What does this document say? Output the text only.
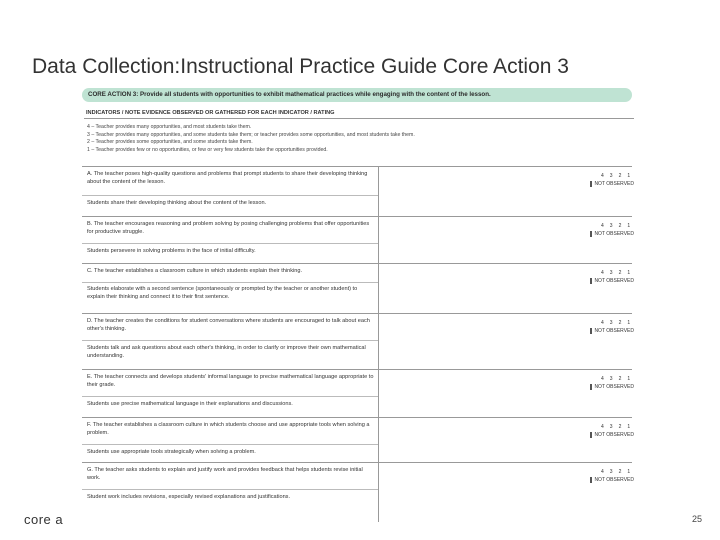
Data Collection:Instructional Practice Guide Core Action 3
CORE ACTION 3: Provide all students with opportunities to exhibit mathematical practices while engaging with the content of the lesson.
INDICATORS / NOTE EVIDENCE OBSERVED OR GATHERED FOR EACH INDICATOR / RATING
4 – Teacher provides many opportunities, and most students take them.
3 – Teacher provides many opportunities, and some students take them; or teacher provides some opportunities, and most students take them.
2 – Teacher provides some opportunities, and some students take them.
1 – Teacher provides few or no opportunities, or few or very few students take the opportunities provided.
A. The teacher poses high-quality questions and problems that prompt students to share their developing thinking about the content of the lesson.
Students share their developing thinking about the content of the lesson.
4 3 2 1
NOT OBSERVED
B. The teacher encourages reasoning and problem solving by posing challenging problems that offer opportunities for productive struggle.
Students persevere in solving problems in the face of initial difficulty.
4 3 2 1
NOT OBSERVED
C. The teacher establishes a classroom culture in which students explain their thinking.
Students elaborate with a second sentence (spontaneously or prompted by the teacher or another student) to explain their thinking and connect it to their first sentence.
4 3 2 1
NOT OBSERVED
D. The teacher creates the conditions for student conversations where students are encouraged to talk about each other's thinking.
Students talk and ask questions about each other's thinking, in order to clarify or improve their own mathematical understanding.
4 3 2 1
NOT OBSERVED
E. The teacher connects and develops students' informal language to precise mathematical language appropriate to their grade.
Students use precise mathematical language in their explanations and discussions.
4 3 2 1
NOT OBSERVED
F. The teacher establishes a classroom culture in which students choose and use appropriate tools when solving a problem.
Students use appropriate tools strategically when solving a problem.
4 3 2 1
NOT OBSERVED
G. The teacher asks students to explain and justify work and provides feedback that helps students revise initial work.
Student work includes revisions, especially revised explanations and justifications.
4 3 2 1
NOT OBSERVED
core a	25
